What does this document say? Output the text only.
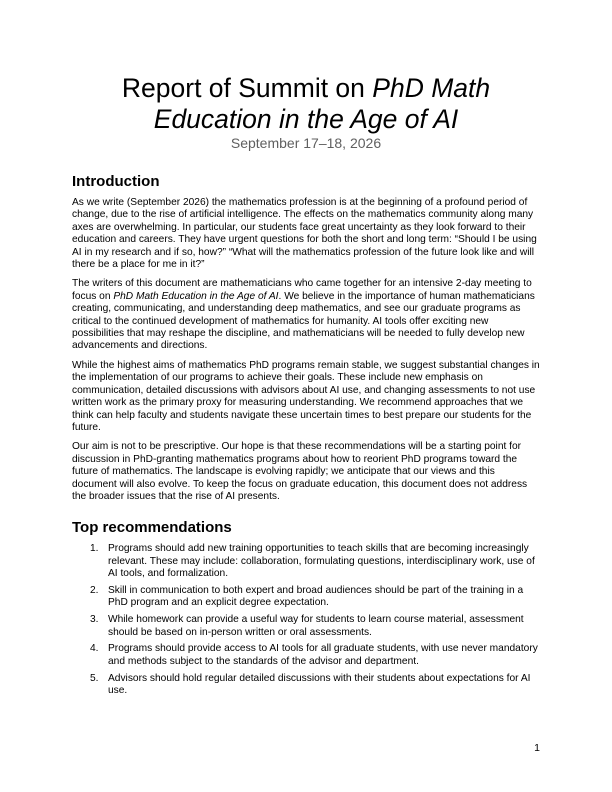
Report of Summit on PhD Math
Education in the Age of AI
September 17–18, 2026
Introduction

As we write (September 2026) the mathematics profession is at the beginning of a profound period of change, due to the rise of artificial intelligence. The effects on the mathematics community along many axes are overwhelming. In particular, our students face great uncertainty as they look forward to their education and careers. They have urgent questions for both the short and long term: “Should I be using AI in my research and if so, how?” “What will the mathematics profession of the future look like and will there be a place for me in it?”

The writers of this document are mathematicians who came together for an intensive 2-day meeting to focus on PhD Math Education in the Age of AI. We believe in the importance of human mathematicians creating, communicating, and understanding deep mathematics, and see our graduate programs as critical to the continued development of mathematics for humanity. AI tools offer exciting new possibilities that may reshape the discipline, and mathematicians will be needed to fully develop new advancements and directions.

While the highest aims of mathematics PhD programs remain stable, we suggest substantial changes in the implementation of our programs to achieve their goals. These include new emphasis on communication, detailed discussions with advisors about AI use, and changing assessments to not use written work as the primary proxy for measuring understanding. We recommend approaches that we think can help faculty and students navigate these uncertain times to best prepare our students for the future.

Our aim is not to be prescriptive. Our hope is that these recommendations will be a starting point for discussion in PhD-granting mathematics programs about how to reorient PhD programs toward the future of mathematics. The landscape is evolving rapidly; we anticipate that our views and this document will also evolve. To keep the focus on graduate education, this document does not address the broader issues that the rise of AI presents.

Top recommendations
1. Programs should add new training opportunities to teach skills that are becoming increasingly relevant. These may include: collaboration, formulating questions, interdisciplinary work, use of AI tools, and formalization.
2. Skill in communication to both expert and broad audiences should be part of the training in a PhD program and an explicit degree expectation.
3. While homework can provide a useful way for students to learn course material, assessment should be based on in-person written or oral assessments.
4. Programs should provide access to AI tools for all graduate students, with use never mandatory and methods subject to the standards of the advisor and department.
5. Advisors should hold regular detailed discussions with their students about expectations for AI use.
1
